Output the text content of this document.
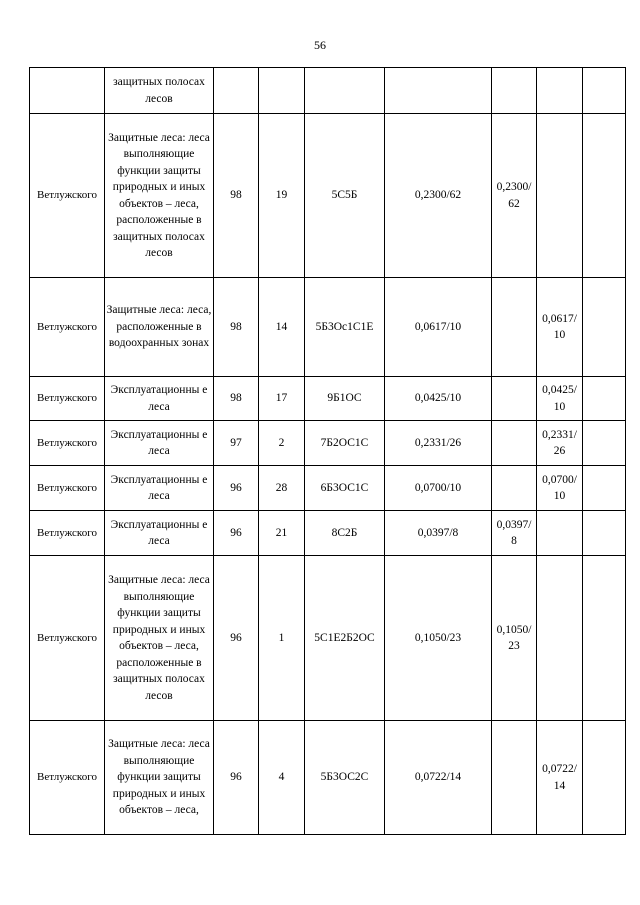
56
	защитных полосах лесов							
Ветлужского	Защитные леса: леса выполняющие функции защиты природных и иных объектов – леса, расположенные в защитных полосах лесов	98	19	5С5Б	0,2300/62	0,2300/ 62		
Ветлужского	Защитные леса: леса, расположенные в водоохранных зонах	98	14	5Б3Ос1С1Е	0,0617/10		0,0617/ 10	
Ветлужского	Эксплуатационны е леса	98	17	9Б1ОС	0,0425/10		0,0425/ 10	
Ветлужского	Эксплуатационны е леса	97	2	7Б2ОС1С	0,2331/26		0,2331/ 26	
Ветлужского	Эксплуатационны е леса	96	28	6Б3ОС1С	0,0700/10		0,0700/ 10	
Ветлужского	Эксплуатационны е леса	96	21	8С2Б	0,0397/8	0,0397/ 8		
Ветлужского	Защитные леса: леса выполняющие функции защиты природных и иных объектов – леса, расположенные в защитных полосах лесов	96	1	5С1Е2Б2ОС	0,1050/23	0,1050/ 23		
Ветлужского	Защитные леса: леса выполняющие функции защиты природных и иных объектов – леса,	96	4	5Б3ОС2С	0,0722/14		0,0722/ 14	
